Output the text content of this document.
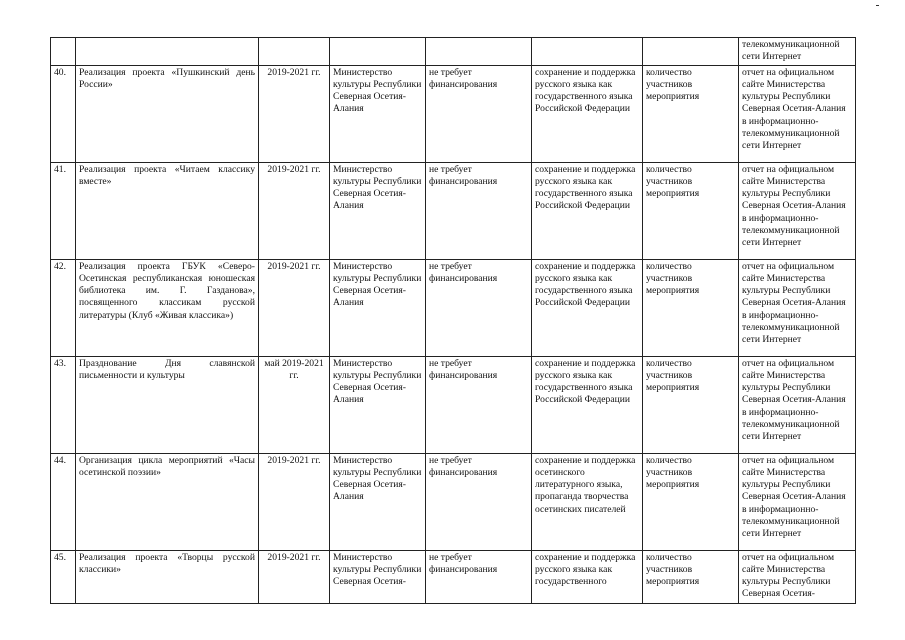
							телекоммуникационной сети Интернет
40.	Реализация проекта «Пушкинский день России»	2019-2021 гг.	Министерство культуры Республики Северная Осетия-Алания	не требует финансирования	сохранение и поддержка русского языка как государственного языка Российской Федерации	количество участников мероприятия	отчет на официальном сайте Министерства культуры Республики Северная Осетия-Алания в информационно-телекоммуникационной сети Интернет
41.	Реализация проекта «Читаем классику вместе»	2019-2021 гг.	Министерство культуры Республики Северная Осетия-Алания	не требует финансирования	сохранение и поддержка русского языка как государственного языка Российской Федерации	количество участников мероприятия	отчет на официальном сайте Министерства культуры Республики Северная Осетия-Алания в информационно-телекоммуникационной сети Интернет
42.	Реализация проекта ГБУК «Северо-Осетинская республиканская юношеская библиотека им. Г. Газданова», посвященного классикам русской литературы (Клуб «Живая классика»)	2019-2021 гг.	Министерство культуры Республики Северная Осетия-Алания	не требует финансирования	сохранение и поддержка русского языка как государственного языка Российской Федерации	количество участников мероприятия	отчет на официальном сайте Министерства культуры Республики Северная Осетия-Алания в информационно-телекоммуникационной сети Интернет
43.	Празднование Дня славянской письменности и культуры	май 2019-2021 гг.	Министерство культуры Республики Северная Осетия-Алания	не требует финансирования	сохранение и поддержка русского языка как государственного языка Российской Федерации	количество участников мероприятия	отчет на официальном сайте Министерства культуры Республики Северная Осетия-Алания в информационно-телекоммуникационной сети Интернет
44.	Организация цикла мероприятий «Часы осетинской поэзии»	2019-2021 гг.	Министерство культуры Республики Северная Осетия-Алания	не требует финансирования	сохранение и поддержка осетинского литературного языка, пропаганда творчества осетинских писателей	количество участников мероприятия	отчет на официальном сайте Министерства культуры Республики Северная Осетия-Алания в информационно-телекоммуникационной сети Интернет
45.	Реализация проекта «Творцы русской классики»	2019-2021 гг.	Министерство культуры Республики Северная Осетия-	не требует финансирования	сохранение и поддержка русского языка как государственного	количество участников мероприятия	отчет на официальном сайте Министерства культуры Республики Северная Осетия-
